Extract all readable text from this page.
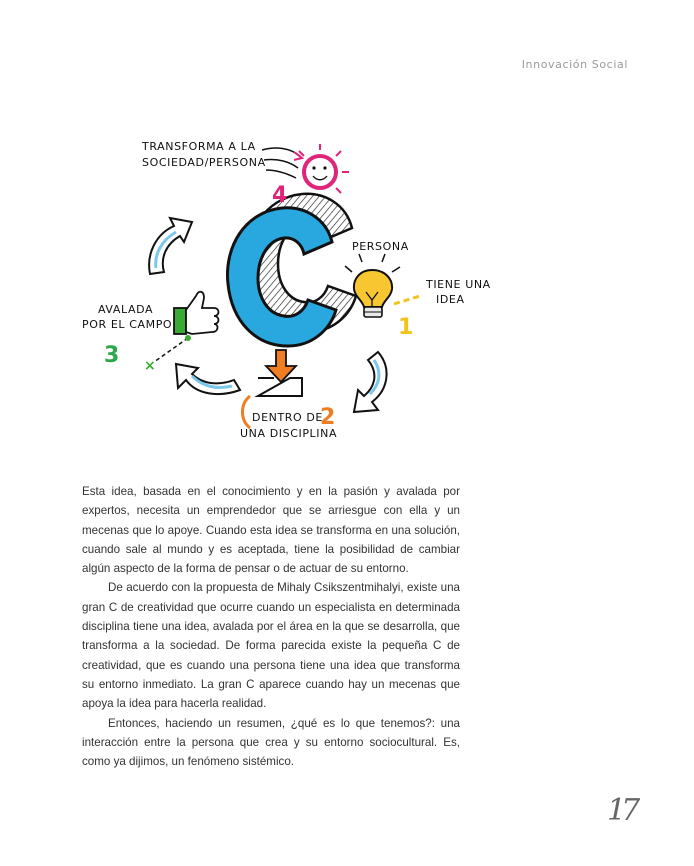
Innovación Social
PERSONA
TIENE UNA
IDEA
1
DENTRO DE
UNA DISCIPLINA
2
×
AVALADA
POR EL CAMPO
3
TRANSFORMA A LA
SOCIEDAD/PERSONA
4

Esta idea, basada en el conocimiento y en la pasión y avalada por expertos, necesita un emprendedor que se arriesgue con ella y un mecenas que lo apoye. Cuando esta idea se transforma en una solución, cuando sale al mundo y es aceptada, tiene la posibilidad de cambiar algún aspecto de la forma de pensar o de actuar de su entorno.

De acuerdo con la propuesta de Mihaly Csikszentmihalyi, existe una gran C de creatividad que ocurre cuando un especialista en determinada disciplina tiene una idea, avalada por el área en la que se desarrolla, que transforma a la sociedad. De forma parecida existe la pequeña C de creatividad, que es cuando una persona tiene una idea que transforma su entorno inmediato. La gran C aparece cuando hay un mecenas que apoya la idea para hacerla realidad.

Entonces, haciendo un resumen, ¿qué es lo que tenemos?: una interacción entre la persona que crea y su entorno sociocultural. Es, como ya dijimos, un fenómeno sistémico.

17
